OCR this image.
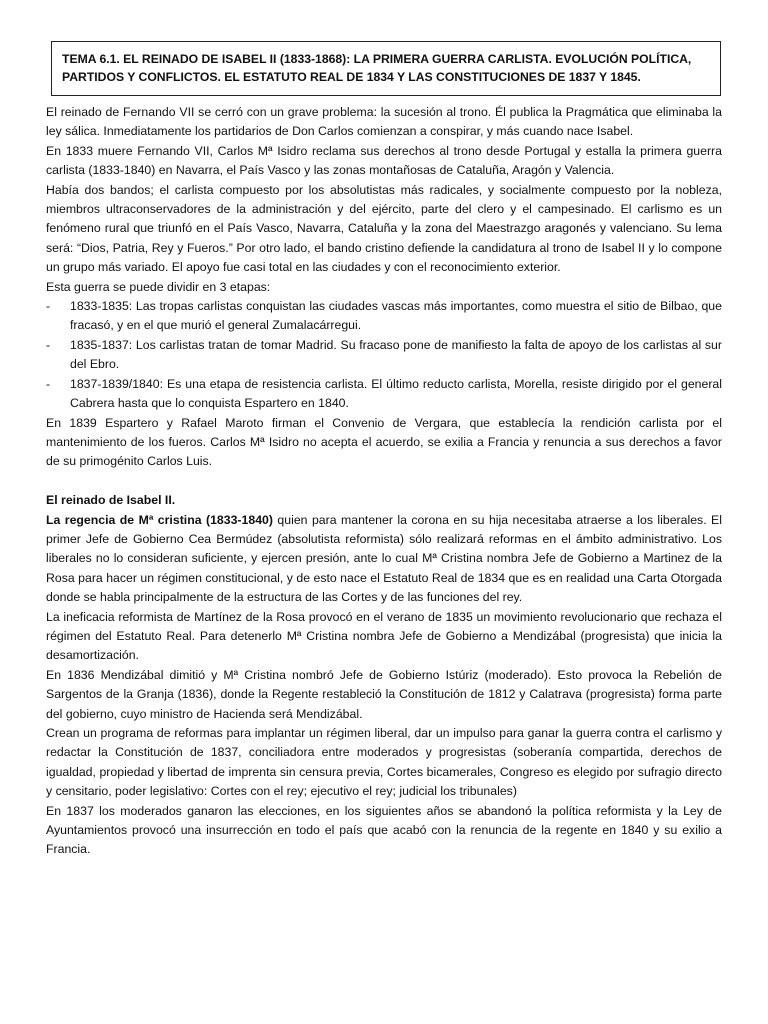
TEMA 6.1. EL REINADO DE ISABEL II (1833-1868): LA PRIMERA GUERRA CARLISTA. EVOLUCIÓN POLÍTICA, PARTIDOS Y CONFLICTOS. EL ESTATUTO REAL DE 1834 Y LAS CONSTITUCIONES DE 1837 Y 1845.

El reinado de Fernando VII se cerró con un grave problema: la sucesión al trono. Él publica la Pragmática que eliminaba la ley sálica. Inmediatamente los partidarios de Don Carlos comienzan a conspirar, y más cuando nace Isabel.

En 1833 muere Fernando VII, Carlos Mª Isidro reclama sus derechos al trono desde Portugal y estalla la primera guerra carlista (1833-1840) en Navarra, el País Vasco y las zonas montañosas de Cataluña, Aragón y Valencia.

Había dos bandos; el carlista compuesto por los absolutistas más radicales, y socialmente compuesto por la nobleza, miembros ultraconservadores de la administración y del ejército, parte del clero y el campesinado. El carlismo es un fenómeno rural que triunfó en el País Vasco, Navarra, Cataluña y la zona del Maestrazgo aragonés y valenciano. Su lema será: “Dios, Patria, Rey y Fueros.” Por otro lado, el bando cristino defiende la candidatura al trono de Isabel II y lo compone un grupo más variado. El apoyo fue casi total en las ciudades y con el reconocimiento exterior.

Esta guerra se puede dividir en 3 etapas:

- 1833-1835: Las tropas carlistas conquistan las ciudades vascas más importantes, como muestra el sitio de Bilbao, que fracasó, y en el que murió el general Zumalacárregui.
- 1835-1837: Los carlistas tratan de tomar Madrid. Su fracaso pone de manifiesto la falta de apoyo de los carlistas al sur del Ebro.
- 1837-1839/1840: Es una etapa de resistencia carlista. El último reducto carlista, Morella, resiste dirigido por el general Cabrera hasta que lo conquista Espartero en 1840.

En 1839 Espartero y Rafael Maroto firman el Convenio de Vergara, que establecía la rendición carlista por el mantenimiento de los fueros. Carlos Mª Isidro no acepta el acuerdo, se exilia a Francia y renuncia a sus derechos a favor de su primogénito Carlos Luis.

El reinado de Isabel II.

La regencia de Mª cristina (1833-1840) quien para mantener la corona en su hija necesitaba atraerse a los liberales. El primer Jefe de Gobierno Cea Bermúdez (absolutista reformista) sólo realizará reformas en el ámbito administrativo. Los liberales no lo consideran suficiente, y ejercen presión, ante lo cual Mª Cristina nombra Jefe de Gobierno a Martinez de la Rosa para hacer un régimen constitucional, y de esto nace el Estatuto Real de 1834 que es en realidad una Carta Otorgada donde se habla principalmente de la estructura de las Cortes y de las funciones del rey.

La ineficacia reformista de Martínez de la Rosa provocó en el verano de 1835 un movimiento revolucionario que rechaza el régimen del Estatuto Real. Para detenerlo Mª Cristina nombra Jefe de Gobierno a Mendizábal (progresista) que inicia la desamortización.

En 1836 Mendizábal dimitió y Mª Cristina nombró Jefe de Gobierno Istúriz (moderado). Esto provoca la Rebelión de Sargentos de la Granja (1836), donde la Regente restableció la Constitución de 1812 y Calatrava (progresista) forma parte del gobierno, cuyo ministro de Hacienda será Mendizábal.

Crean un programa de reformas para implantar un régimen liberal, dar un impulso para ganar la guerra contra el carlismo y redactar la Constitución de 1837, conciliadora entre moderados y progresistas (soberanía compartida, derechos de igualdad, propiedad y libertad de imprenta sin censura previa, Cortes bicamerales, Congreso es elegido por sufragio directo y censitario, poder legislativo: Cortes con el rey; ejecutivo el rey; judicial los tribunales)

En 1837 los moderados ganaron las elecciones, en los siguientes años se abandonó la política reformista y la Ley de Ayuntamientos provocó una insurrección en todo el país que acabó con la renuncia de la regente en 1840 y su exilio a Francia.
